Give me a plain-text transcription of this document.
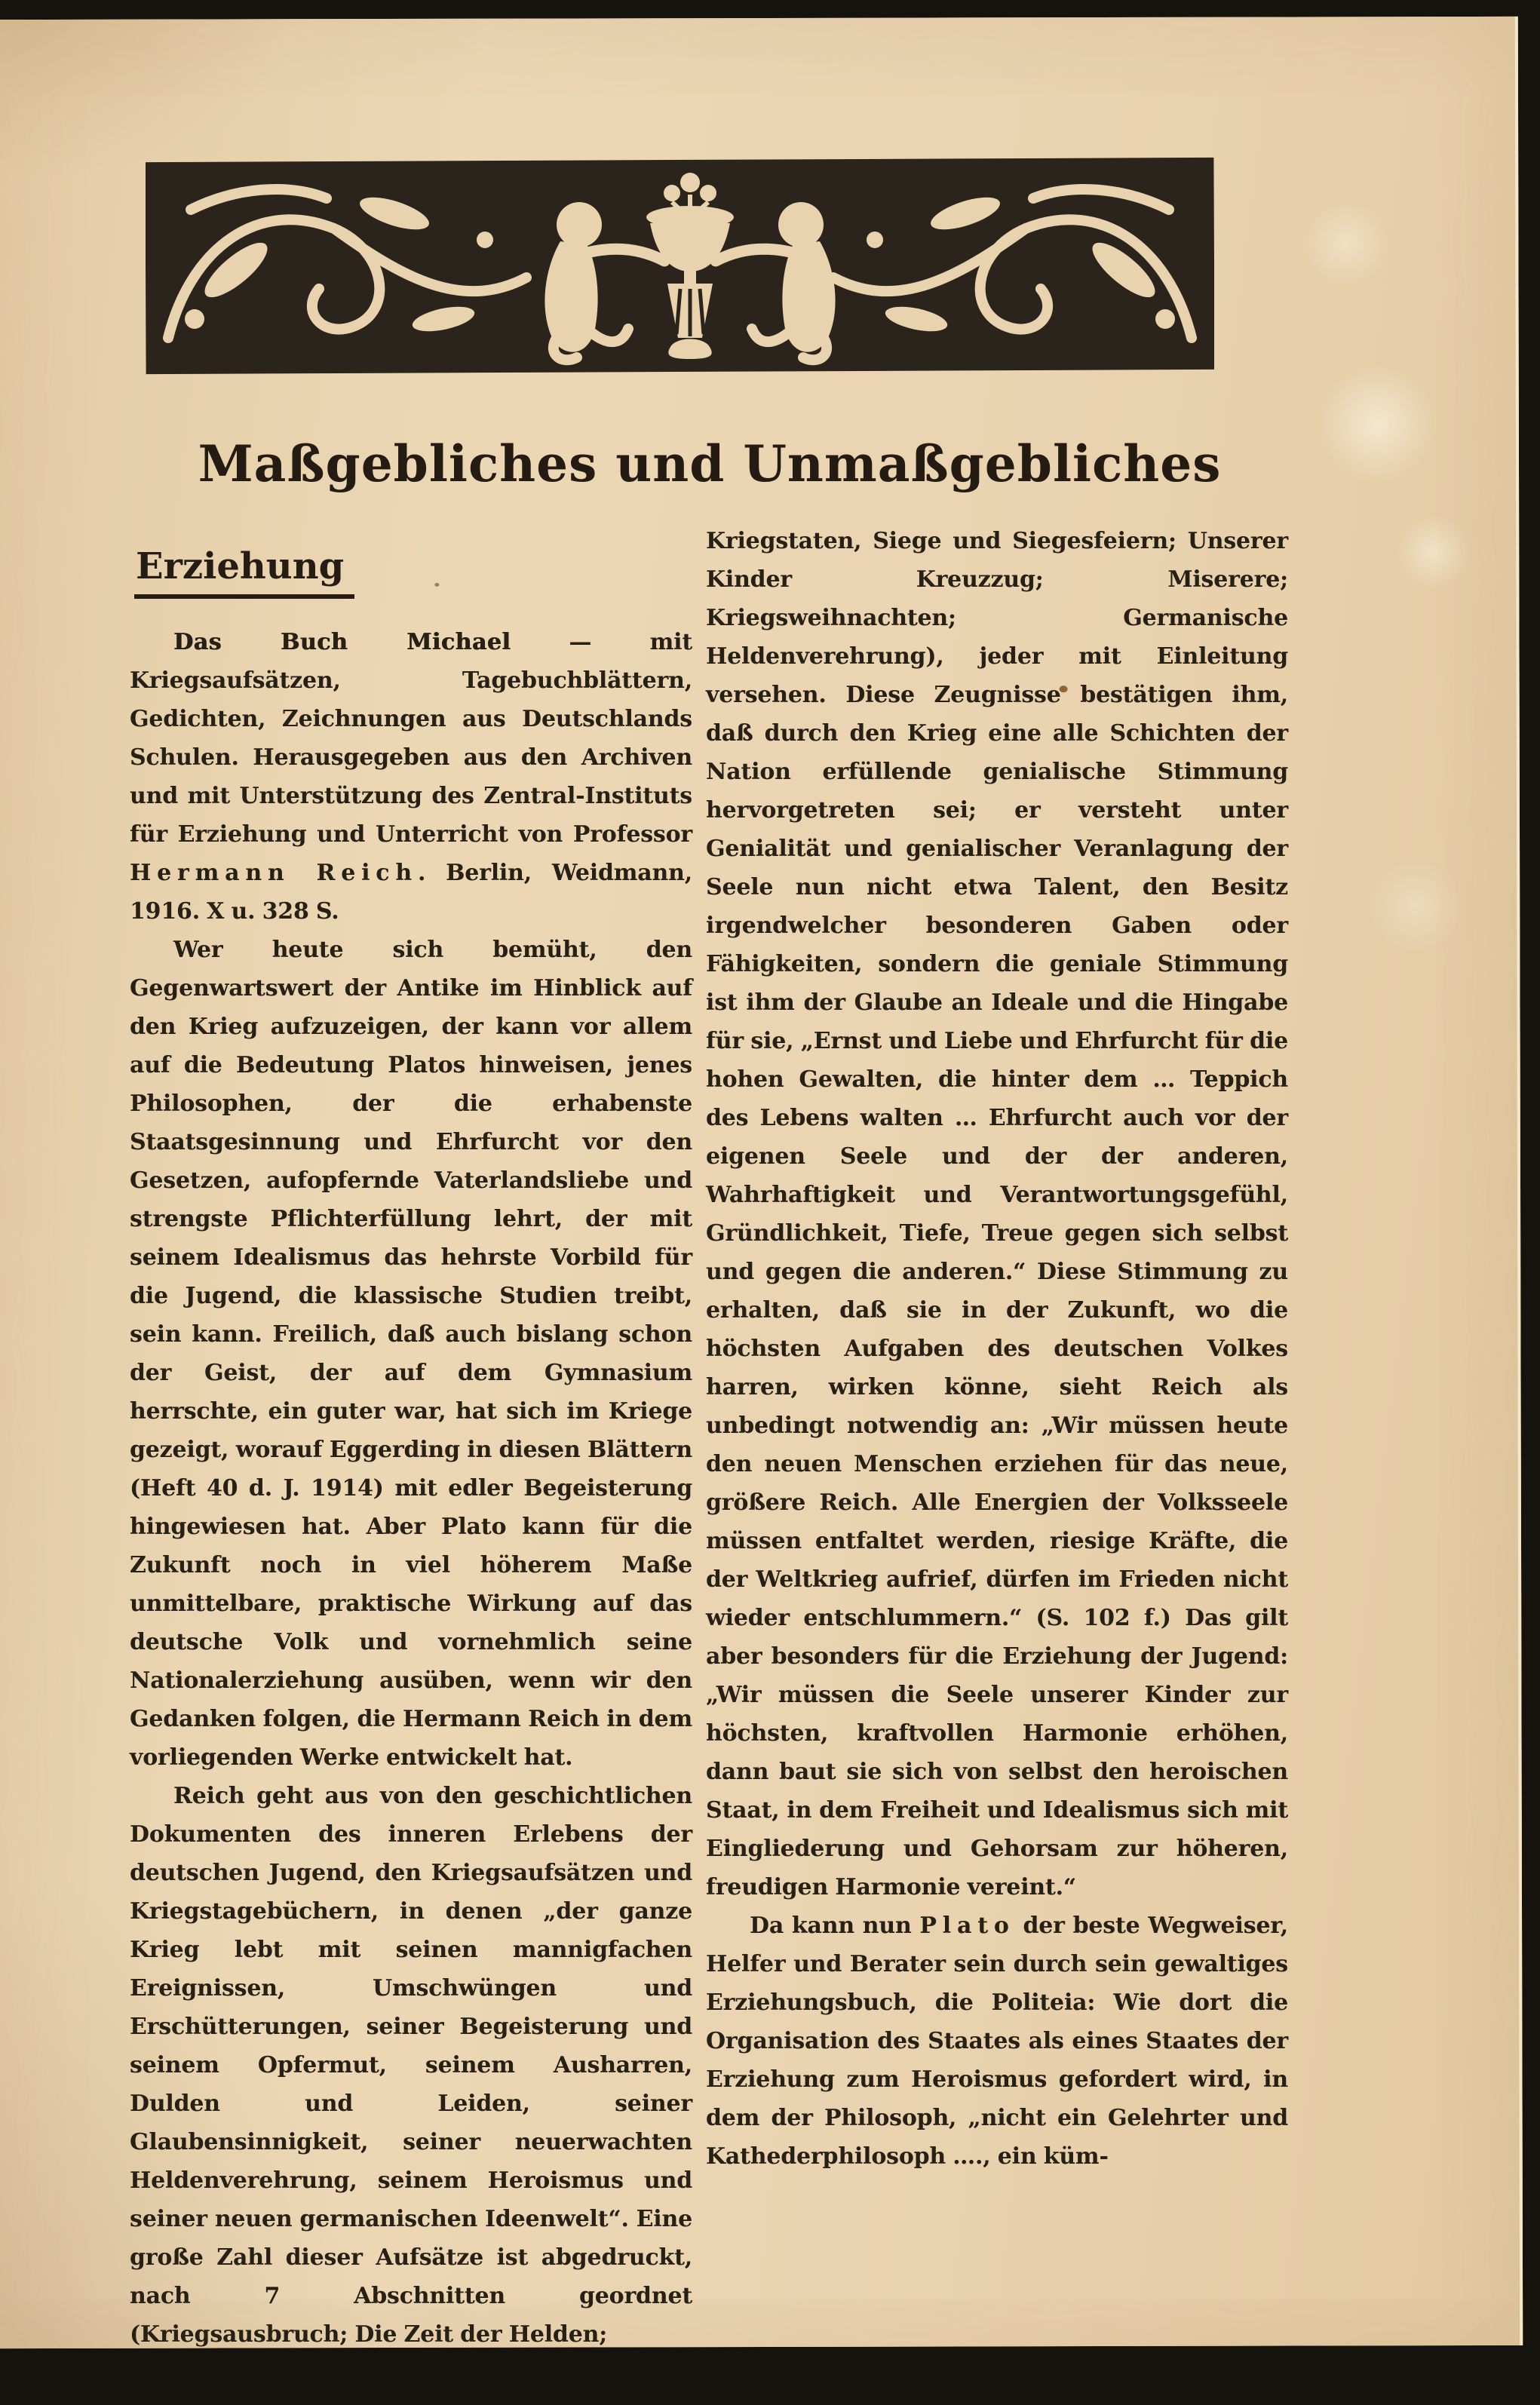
Maßgebliches und Unmaßgebliches
Erziehung

Das Buch Michael — mit Kriegsaufsätzen, Tagebuchblättern, Gedichten, Zeichnungen aus Deutschlands Schulen. Herausgegeben aus den Archiven und mit Unterstützung des Zentral-Instituts für Erziehung und Unterricht von Professor Hermann Reich. Berlin, Weidmann, 1916. X u. 328 S.

Wer heute sich bemüht, den Gegenwartswert der Antike im Hinblick auf den Krieg aufzuzeigen, der kann vor allem auf die Bedeutung Platos hinweisen, jenes Philosophen, der die erhabenste Staatsgesinnung und Ehrfurcht vor den Gesetzen, aufopfernde Vaterlandsliebe und strengste Pflichterfüllung lehrt, der mit seinem Idealismus das hehrste Vorbild für die Jugend, die klassische Studien treibt, sein kann. Freilich, daß auch bislang schon der Geist, der auf dem Gymnasium herrschte, ein guter war, hat sich im Kriege gezeigt, worauf Eggerding in diesen Blättern (Heft 40 d. J. 1914) mit edler Begeisterung hingewiesen hat. Aber Plato kann für die Zukunft noch in viel höherem Maße unmittelbare, praktische Wirkung auf das deutsche Volk und vornehmlich seine Nationalerziehung ausüben, wenn wir den Gedanken folgen, die Hermann Reich in dem vorliegenden Werke entwickelt hat.

Reich geht aus von den geschichtlichen Dokumenten des inneren Erlebens der deutschen Jugend, den Kriegsaufsätzen und Kriegstagebüchern, in denen „der ganze Krieg lebt mit seinen mannigfachen Ereignissen, Umschwüngen und Erschütterungen, seiner Begeisterung und seinem Opfermut, seinem Ausharren, Dulden und Leiden, seiner Glaubensinnigkeit, seiner neuerwachten Heldenverehrung, seinem Heroismus und seiner neuen germanischen Ideenwelt“. Eine große Zahl dieser Aufsätze ist abgedruckt, nach 7 Abschnitten geordnet (Kriegsausbruch; Die Zeit der Helden;

Kriegstaten, Siege und Siegesfeiern; Unserer Kinder Kreuzzug; Miserere; Kriegsweihnachten; Germanische Heldenverehrung), jeder mit Einleitung versehen. Diese Zeugnisse bestätigen ihm, daß durch den Krieg eine alle Schichten der Nation erfüllende genialische Stimmung hervorgetreten sei; er versteht unter Genialität und genialischer Veranlagung der Seele nun nicht etwa Talent, den Besitz irgendwelcher besonderen Gaben oder Fähigkeiten, sondern die geniale Stimmung ist ihm der Glaube an Ideale und die Hingabe für sie, „Ernst und Liebe und Ehrfurcht für die hohen Gewalten, die hinter dem … Teppich des Lebens walten … Ehrfurcht auch vor der eigenen Seele und der der anderen, Wahrhaftigkeit und Verantwortungsgefühl, Gründlichkeit, Tiefe, Treue gegen sich selbst und gegen die anderen.“ Diese Stimmung zu erhalten, daß sie in der Zukunft, wo die höchsten Aufgaben des deutschen Volkes harren, wirken könne, sieht Reich als unbedingt notwendig an: „Wir müssen heute den neuen Menschen erziehen für das neue, größere Reich. Alle Energien der Volksseele müssen entfaltet werden, riesige Kräfte, die der Weltkrieg aufrief, dürfen im Frieden nicht wieder entschlummern.“ (S. 102 f.) Das gilt aber besonders für die Erziehung der Jugend: „Wir müssen die Seele unserer Kinder zur höchsten, kraftvollen Harmonie erhöhen, dann baut sie sich von selbst den heroischen Staat, in dem Freiheit und Idealismus sich mit Eingliederung und Gehorsam zur höheren, freudigen Harmonie vereint.“

Da kann nun Plato der beste Wegweiser, Helfer und Berater sein durch sein gewaltiges Erziehungsbuch, die Politeia: Wie dort die Organisation des Staates als eines Staates der Erziehung zum Heroismus gefordert wird, in dem der Philosoph, „nicht ein Gelehrter und Kathederphilosoph …., ein küm-
